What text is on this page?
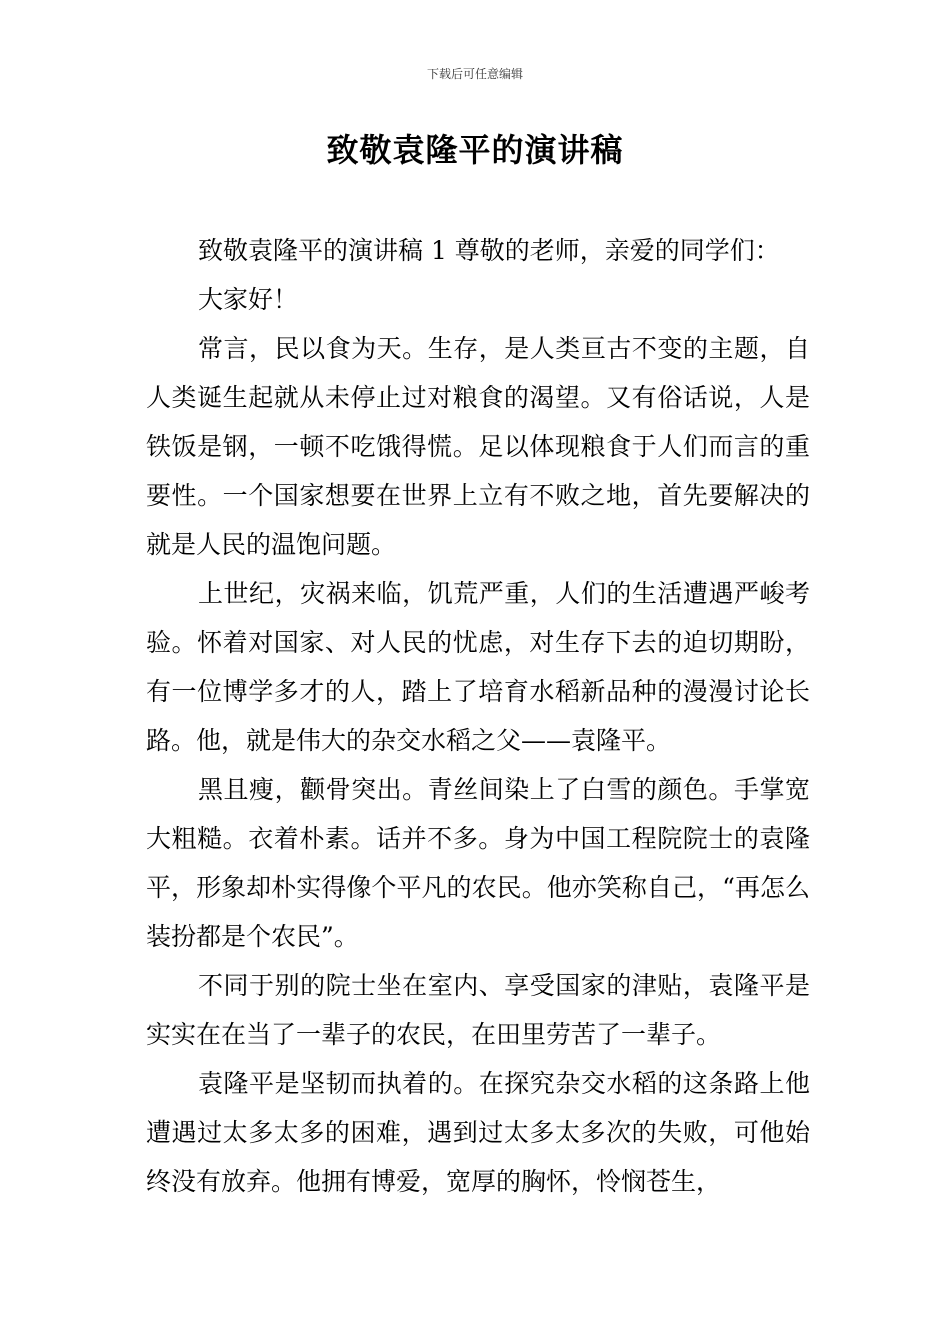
下载后可任意编辑
致敬袁隆平的演讲稿

致敬袁隆平的演讲稿 1 尊敬的老师，亲爱的同学们：

大家好！

常言，民以食为天。生存，是人类亘古不变的主题，自人类诞生起就从未停止过对粮食的渴望。又有俗话说，人是铁饭是钢，一顿不吃饿得慌。足以体现粮食于人们而言的重要性。一个国家想要在世界上立有不败之地，首先要解决的就是人民的温饱问题。

上世纪，灾祸来临，饥荒严重，人们的生活遭遇严峻考验。怀着对国家、对人民的忧虑，对生存下去的迫切期盼，有一位博学多才的人，踏上了培育水稻新品种的漫漫讨论长路。他，就是伟大的杂交水稻之父——袁隆平。

黑且瘦，颧骨突出。青丝间染上了白雪的颜色。手掌宽大粗糙。衣着朴素。话并不多。身为中国工程院院士的袁隆平，形象却朴实得像个平凡的农民。他亦笑称自己，“再怎么装扮都是个农民”。

不同于别的院士坐在室内、享受国家的津贴，袁隆平是实实在在当了一辈子的农民，在田里劳苦了一辈子。

袁隆平是坚韧而执着的。在探究杂交水稻的这条路上他遭遇过太多太多的困难，遇到过太多太多次的失败，可他始终没有放弃。他拥有博爱，宽厚的胸怀，怜悯苍生，
